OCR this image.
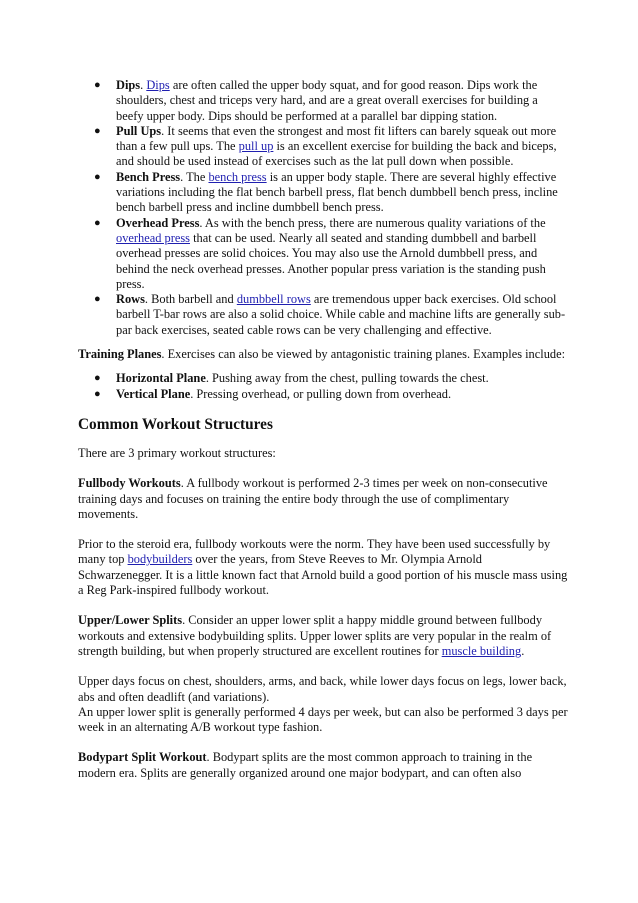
● Dips. Dips are often called the upper body squat, and for good reason. Dips work the shoulders, chest and triceps very hard, and are a great overall exercises for building a beefy upper body. Dips should be performed at a parallel bar dipping station.
● Pull Ups. It seems that even the strongest and most fit lifters can barely squeak out more than a few pull ups. The pull up is an excellent exercise for building the back and biceps, and should be used instead of exercises such as the lat pull down when possible.
● Bench Press. The bench press is an upper body staple. There are several highly effective variations including the flat bench barbell press, flat bench dumbbell bench press, incline bench barbell press and incline dumbbell bench press.
● Overhead Press. As with the bench press, there are numerous quality variations of the overhead press that can be used. Nearly all seated and standing dumbbell and barbell overhead presses are solid choices. You may also use the Arnold dumbbell press, and behind the neck overhead presses. Another popular press variation is the standing push press.
● Rows. Both barbell and dumbbell rows are tremendous upper back exercises. Old school barbell T-bar rows are also a solid choice. While cable and machine lifts are generally sub-par back exercises, seated cable rows can be very challenging and effective.

Training Planes. Exercises can also be viewed by antagonistic training planes. Examples include:

● Horizontal Plane. Pushing away from the chest, pulling towards the chest.
● Vertical Plane. Pressing overhead, or pulling down from overhead.
Common Workout Structures

There are 3 primary workout structures:

Fullbody Workouts. A fullbody workout is performed 2-3 times per week on non-consecutive training days and focuses on training the entire body through the use of complimentary movements.

Prior to the steroid era, fullbody workouts were the norm. They have been used successfully by many top bodybuilders over the years, from Steve Reeves to Mr. Olympia Arnold Schwarzenegger. It is a little known fact that Arnold build a good portion of his muscle mass using a Reg Park-inspired fullbody workout.

Upper/Lower Splits. Consider an upper lower split a happy middle ground between fullbody workouts and extensive bodybuilding splits. Upper lower splits are very popular in the realm of strength building, but when properly structured are excellent routines for muscle building.

Upper days focus on chest, shoulders, arms, and back, while lower days focus on legs, lower back, abs and often deadlift (and variations).

An upper lower split is generally performed 4 days per week, but can also be performed 3 days per week in an alternating A/B workout type fashion.

Bodypart Split Workout. Bodypart splits are the most common approach to training in the modern era. Splits are generally organized around one major bodypart, and can often also
